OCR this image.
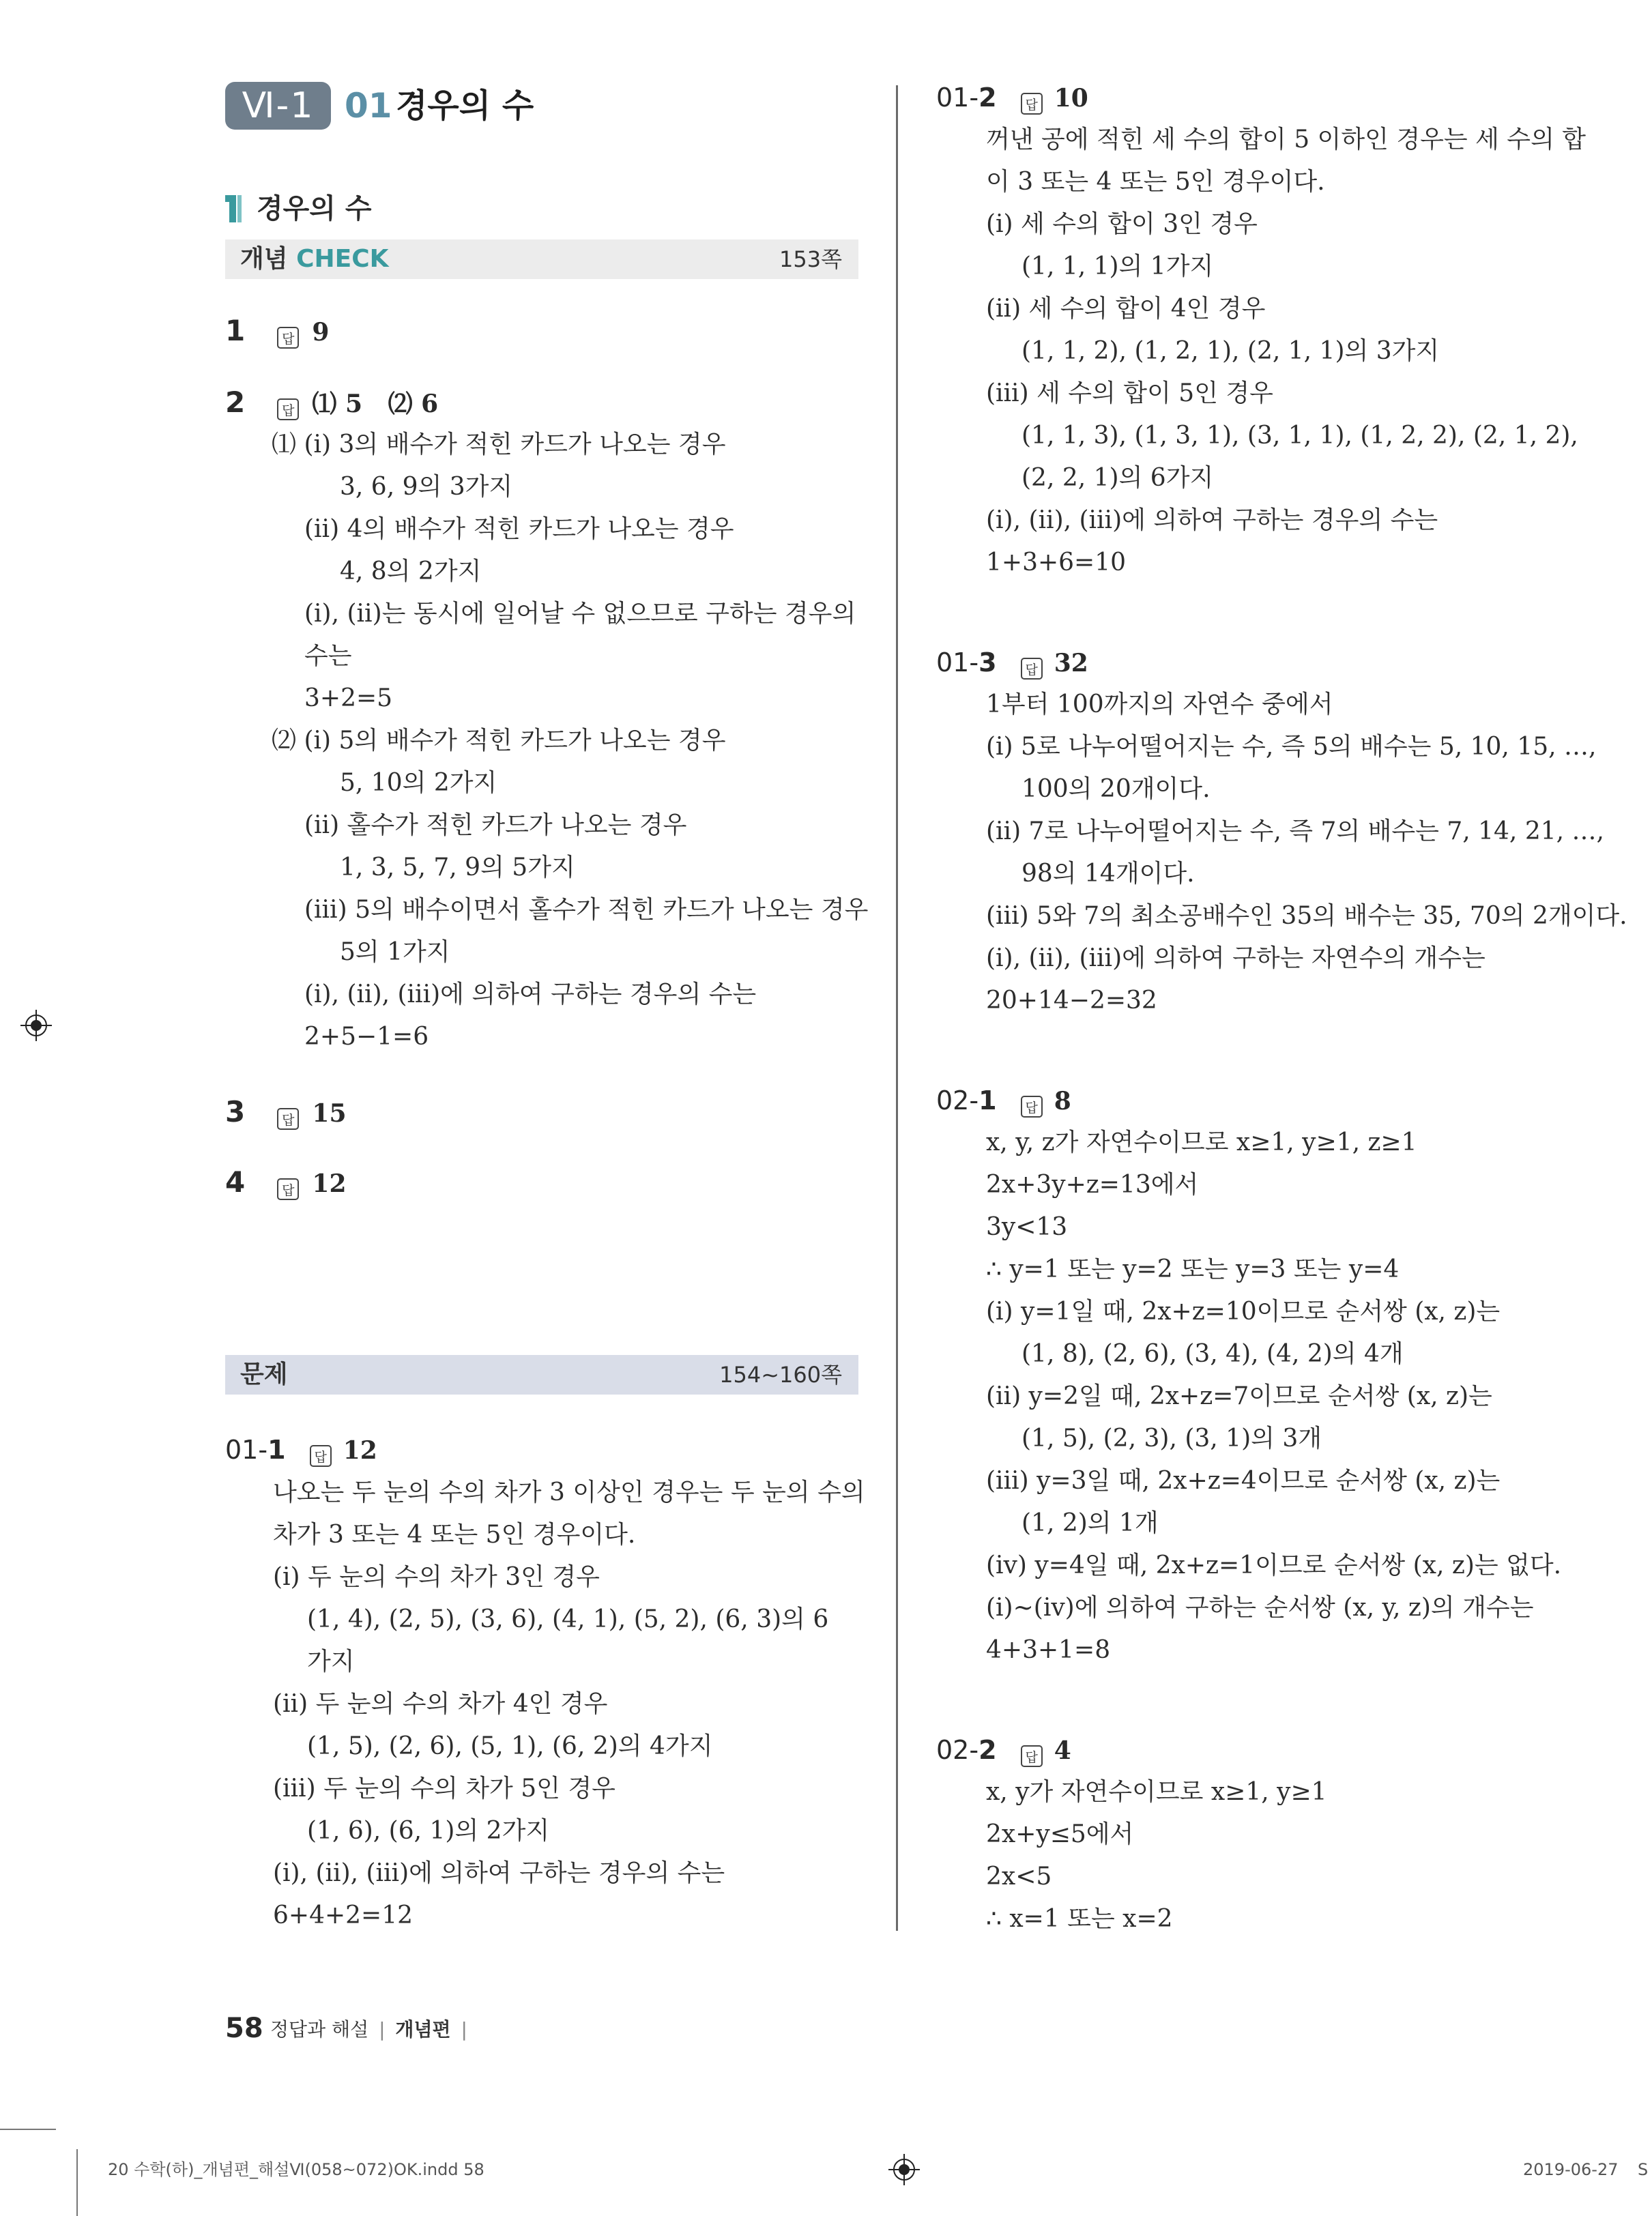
Ⅵ-1 01 경우의 수
경우의 수
개념 CHECK	153쪽
1	답 9
2	답 ⑴ 5   ⑵ 6
⑴ (ⅰ) 3의 배수가 적힌 카드가 나오는 경우
3, 6, 9의 3가지
(ⅱ) 4의 배수가 적힌 카드가 나오는 경우
4, 8의 2가지
(ⅰ), (ⅱ)는 동시에 일어날 수 없으므로 구하는 경우의
수는
3+2=5
⑵ (ⅰ) 5의 배수가 적힌 카드가 나오는 경우
5, 10의 2가지
(ⅱ) 홀수가 적힌 카드가 나오는 경우
1, 3, 5, 7, 9의 5가지
(ⅲ) 5의 배수이면서 홀수가 적힌 카드가 나오는 경우
5의 1가지
(ⅰ), (ⅱ), (ⅲ)에 의하여 구하는 경우의 수는
2+5−1=6
3	답 15
4	답 12
문제	154~160쪽
01-1 답 12
나오는 두 눈의 수의 차가 3 이상인 경우는 두 눈의 수의
차가 3 또는 4 또는 5인 경우이다.
(ⅰ) 두 눈의 수의 차가 3인 경우
(1, 4), (2, 5), (3, 6), (4, 1), (5, 2), (6, 3)의 6
가지
(ⅱ) 두 눈의 수의 차가 4인 경우
(1, 5), (2, 6), (5, 1), (6, 2)의 4가지
(ⅲ) 두 눈의 수의 차가 5인 경우
(1, 6), (6, 1)의 2가지
(ⅰ), (ⅱ), (ⅲ)에 의하여 구하는 경우의 수는
6+4+2=12
01-2 답 10
꺼낸 공에 적힌 세 수의 합이 5 이하인 경우는 세 수의 합
이 3 또는 4 또는 5인 경우이다.
(ⅰ) 세 수의 합이 3인 경우
(1, 1, 1)의 1가지
(ⅱ) 세 수의 합이 4인 경우
(1, 1, 2), (1, 2, 1), (2, 1, 1)의 3가지
(ⅲ) 세 수의 합이 5인 경우
(1, 1, 3), (1, 3, 1), (3, 1, 1), (1, 2, 2), (2, 1, 2),
(2, 2, 1)의 6가지
(ⅰ), (ⅱ), (ⅲ)에 의하여 구하는 경우의 수는
1+3+6=10
01-3 답 32
1부터 100까지의 자연수 중에서
(ⅰ) 5로 나누어떨어지는 수, 즉 5의 배수는 5, 10, 15, …,
100의 20개이다.
(ⅱ) 7로 나누어떨어지는 수, 즉 7의 배수는 7, 14, 21, …,
98의 14개이다.
(ⅲ) 5와 7의 최소공배수인 35의 배수는 35, 70의 2개이다.
(ⅰ), (ⅱ), (ⅲ)에 의하여 구하는 자연수의 개수는
20+14−2=32
02-1 답 8
x, y, z가 자연수이므로 x≥1, y≥1, z≥1
2x+3y+z=13에서
3y<13
∴ y=1 또는 y=2 또는 y=3 또는 y=4
(ⅰ) y=1일 때, 2x+z=10이므로 순서쌍 (x, z)는
(1, 8), (2, 6), (3, 4), (4, 2)의 4개
(ⅱ) y=2일 때, 2x+z=7이므로 순서쌍 (x, z)는
(1, 5), (2, 3), (3, 1)의 3개
(ⅲ) y=3일 때, 2x+z=4이므로 순서쌍 (x, z)는
(1, 2)의 1개
(ⅳ) y=4일 때, 2x+z=1이므로 순서쌍 (x, z)는 없다.
(ⅰ)~(ⅳ)에 의하여 구하는 순서쌍 (x, y, z)의 개수는
4+3+1=8
02-2 답 4
x, y가 자연수이므로 x≥1, y≥1
2x+y≤5에서
2x<5
∴ x=1 또는 x=2
58 정답과 해설 | 개념편 |
20 수학(하)_개념편_해설Ⅵ(058~072)OK.indd 58	2019-06-27 S
